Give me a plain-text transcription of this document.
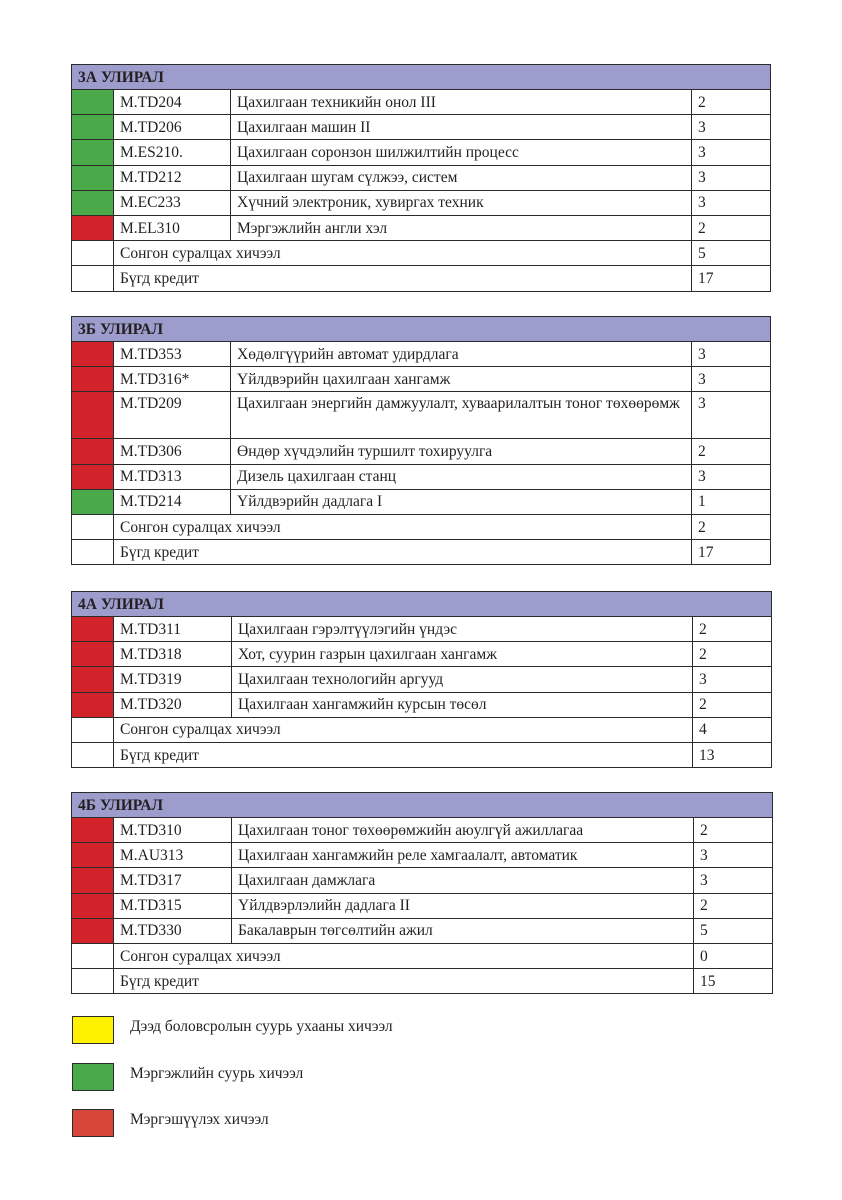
3А УЛИРАЛ			
	M.TD204	Цахилгаан техникийн онол III	2
	M.TD206	Цахилгаан машин II	3
	M.ES210.	Цахилгаан соронзон шилжилтийн процесс	3
	M.TD212	Цахилгаан шугам сүлжээ, систем	3
	M.EC233	Хүчний электроник, хувиргах техник	3
	M.EL310	Мэргэжлийн англи хэл	2
	Сонгон суралцах хичээл		5
	Бүгд кредит		17
3Б УЛИРАЛ			
	M.TD353	Хөдөлгүүрийн автомат удирдлага	3
	M.TD316*	Үйлдвэрийн цахилгаан хангамж	3
	M.TD209	Цахилгаан энергийн дамжуулалт, хуваарилалтын тоног төхөөрөмж	3
	M.TD306	Өндөр хүчдэлийн туршилт тохируулга	2
	M.TD313	Дизель цахилгаан станц	3
	M.TD214	Үйлдвэрийн дадлага I	1
	Сонгон суралцах хичээл		2
	Бүгд кредит		17
4А УЛИРАЛ			
	M.TD311	Цахилгаан гэрэлтүүлэгийн үндэс	2
	M.TD318	Хот, суурин газрын цахилгаан хангамж	2
	M.TD319	Цахилгаан технологийн аргууд	3
	M.TD320	Цахилгаан хангамжийн курсын төсөл	2
	Сонгон суралцах хичээл		4
	Бүгд кредит		13
4Б УЛИРАЛ			
	M.TD310	Цахилгаан тоног төхөөрөмжийн аюулгүй ажиллагаа	2
	M.AU313	Цахилгаан хангамжийн реле хамгаалалт, автоматик	3
	M.TD317	Цахилгаан дамжлага	3
	M.TD315	Үйлдвэрлэлийн дадлага II	2
	M.TD330	Бакалаврын төгсөлтийн ажил	5
	Сонгон суралцах хичээл		0
	Бүгд кредит		15
Дээд боловсролын суурь ухааны хичээл
Мэргэжлийн суурь хичээл
Мэргэшүүлэх хичээл
